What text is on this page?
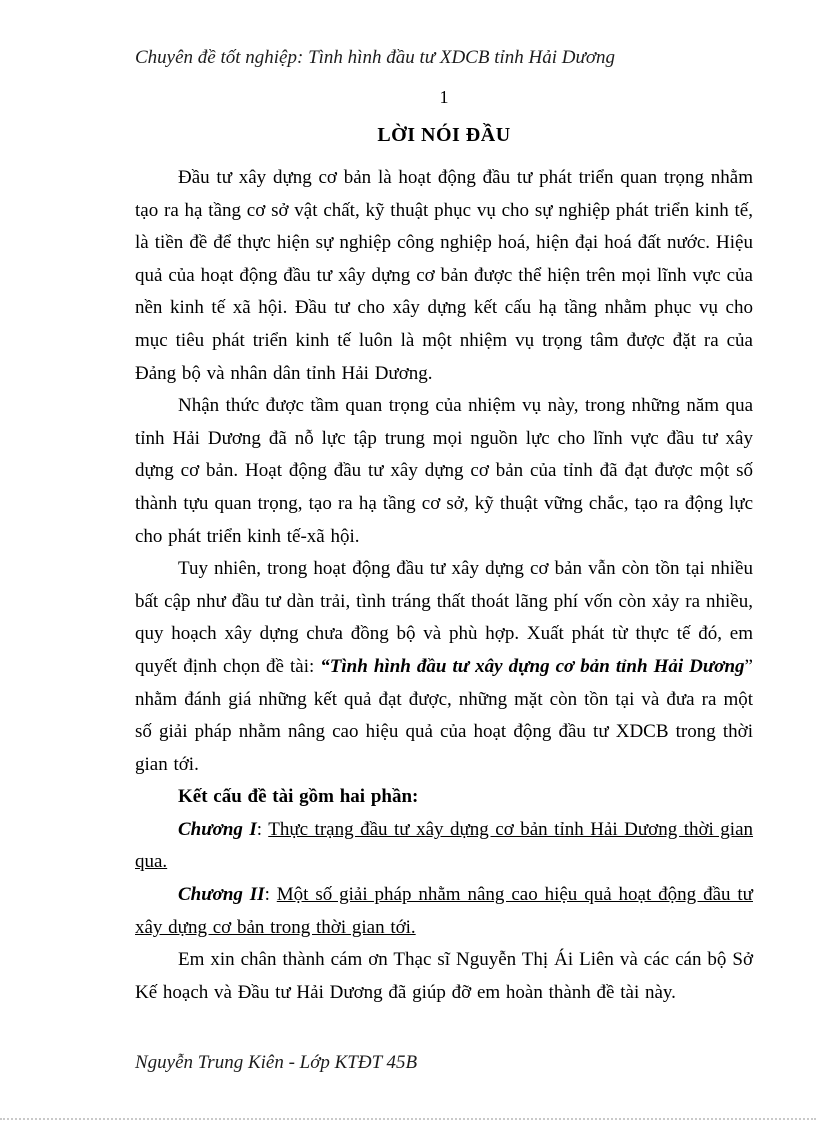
Chuyên đề tốt nghiệp: Tình hình đầu tư XDCB tỉnh Hải Dương
1
LỜI NÓI ĐẦU

Đầu tư xây dựng cơ bản là hoạt động đầu tư phát triển quan trọng nhằm tạo ra hạ tầng cơ sở vật chất, kỹ thuật phục vụ cho sự nghiệp phát triển kinh tế, là tiền đề để thực hiện sự nghiệp công nghiệp hoá, hiện đại hoá đất nước. Hiệu quả của hoạt động đầu tư xây dựng cơ bản được thể hiện trên mọi lĩnh vực của nền kinh tế xã hội. Đầu tư cho xây dựng kết cấu hạ tầng nhằm phục vụ cho mục tiêu phát triển kinh tế luôn là một nhiệm vụ trọng tâm được đặt ra của Đảng bộ và nhân dân tỉnh Hải Dương.

Nhận thức được tầm quan trọng của nhiệm vụ này, trong những năm qua tỉnh Hải Dương đã nỗ lực tập trung mọi nguồn lực cho lĩnh vực đầu tư xây dựng cơ bản. Hoạt động đầu tư xây dựng cơ bản của tỉnh đã đạt được một số thành tựu quan trọng, tạo ra hạ tầng cơ sở, kỹ thuật vững chắc, tạo ra động lực cho phát triển kinh tế-xã hội.

Tuy nhiên, trong hoạt động đầu tư xây dựng cơ bản vẫn còn tồn tại nhiều bất cập như đầu tư dàn trải, tình tráng thất thoát lãng phí vốn còn xảy ra nhiều, quy hoạch xây dựng chưa đồng bộ và phù hợp. Xuất phát từ thực tế đó, em quyết định chọn đề tài: “Tình hình đầu tư xây dựng cơ bản tỉnh Hải Dương” nhằm đánh giá những kết quả đạt được, những mặt còn tồn tại và đưa ra một số giải pháp nhằm nâng cao hiệu quả của hoạt động đầu tư XDCB trong thời gian tới.

Kết cấu đề tài gồm hai phần:

Chương I: Thực trạng đầu tư xây dựng cơ bản tỉnh Hải Dương thời gian qua.

Chương II: Một số giải pháp nhằm nâng cao hiệu quả hoạt động đầu tư xây dựng cơ bản trong thời gian tới.

Em xin chân thành cám ơn Thạc sĩ Nguyễn Thị Ái Liên và các cán bộ Sở Kế hoạch và Đầu tư Hải Dương đã giúp đỡ em hoàn thành đề tài này.

Nguyễn Trung Kiên - Lớp KTĐT 45B
